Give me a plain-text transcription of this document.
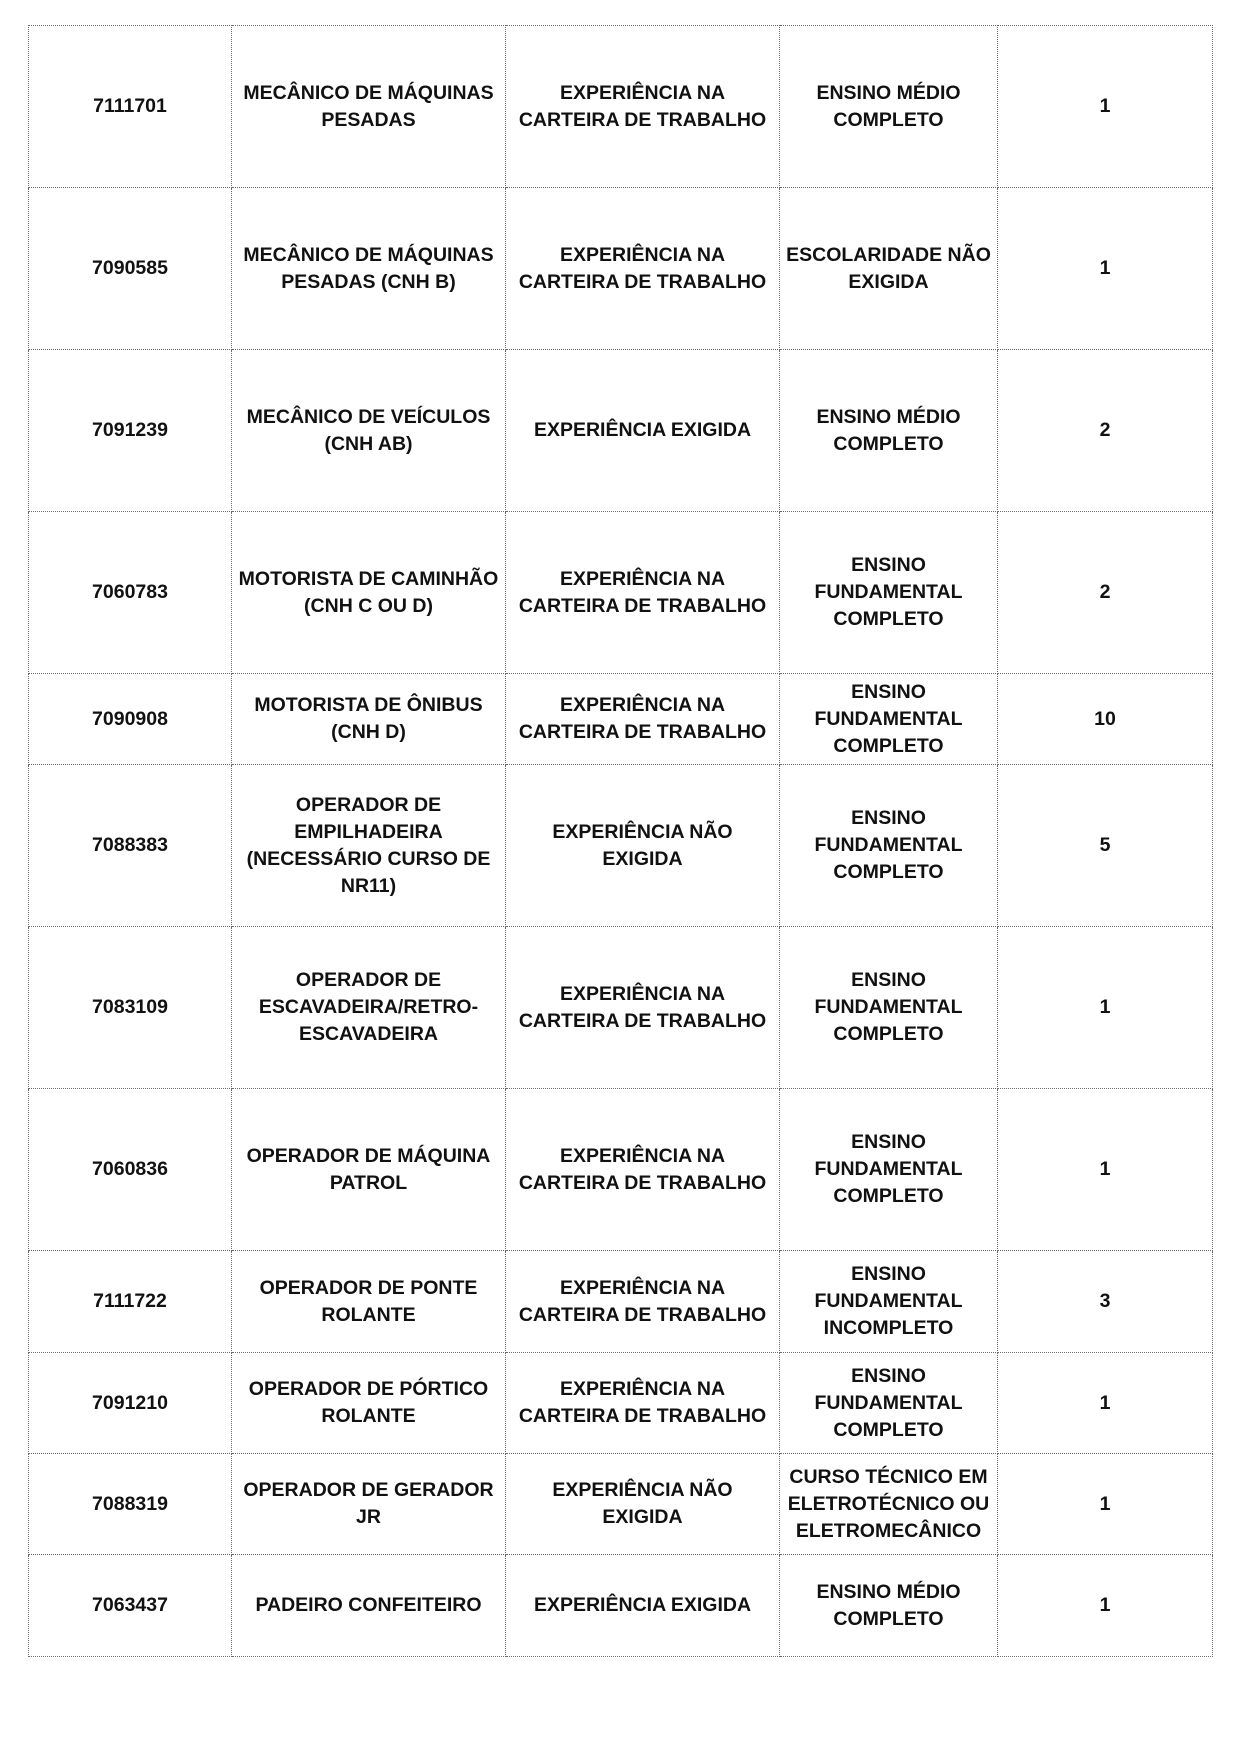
7111701	MECÂNICO DE MÁQUINAS PESADAS	EXPERIÊNCIA NA CARTEIRA DE TRABALHO	ENSINO MÉDIO COMPLETO	1
7090585	MECÂNICO DE MÁQUINAS PESADAS (CNH B)	EXPERIÊNCIA NA CARTEIRA DE TRABALHO	ESCOLARIDADE NÃO EXIGIDA	1
7091239	MECÂNICO DE VEÍCULOS (CNH AB)	EXPERIÊNCIA EXIGIDA	ENSINO MÉDIO COMPLETO	2
7060783	MOTORISTA DE CAMINHÃO (CNH C OU D)	EXPERIÊNCIA NA CARTEIRA DE TRABALHO	ENSINO FUNDAMENTAL COMPLETO	2
7090908	MOTORISTA DE ÔNIBUS (CNH D)	EXPERIÊNCIA NA CARTEIRA DE TRABALHO	ENSINO FUNDAMENTAL COMPLETO	10
7088383	OPERADOR DE EMPILHADEIRA (NECESSÁRIO CURSO DE NR11)	EXPERIÊNCIA NÃO EXIGIDA	ENSINO FUNDAMENTAL COMPLETO	5
7083109	OPERADOR DE ESCAVADEIRA/RETRO-ESCAVADEIRA	EXPERIÊNCIA NA CARTEIRA DE TRABALHO	ENSINO FUNDAMENTAL COMPLETO	1
7060836	OPERADOR DE MÁQUINA PATROL	EXPERIÊNCIA NA CARTEIRA DE TRABALHO	ENSINO FUNDAMENTAL COMPLETO	1
7111722	OPERADOR DE PONTE ROLANTE	EXPERIÊNCIA NA CARTEIRA DE TRABALHO	ENSINO FUNDAMENTAL INCOMPLETO	3
7091210	OPERADOR DE PÓRTICO ROLANTE	EXPERIÊNCIA NA CARTEIRA DE TRABALHO	ENSINO FUNDAMENTAL COMPLETO	1
7088319	OPERADOR DE GERADOR JR	EXPERIÊNCIA NÃO EXIGIDA	CURSO TÉCNICO EM ELETROTÉCNICO OU ELETROMECÂNICO	1
7063437	PADEIRO CONFEITEIRO	EXPERIÊNCIA EXIGIDA	ENSINO MÉDIO COMPLETO	1
